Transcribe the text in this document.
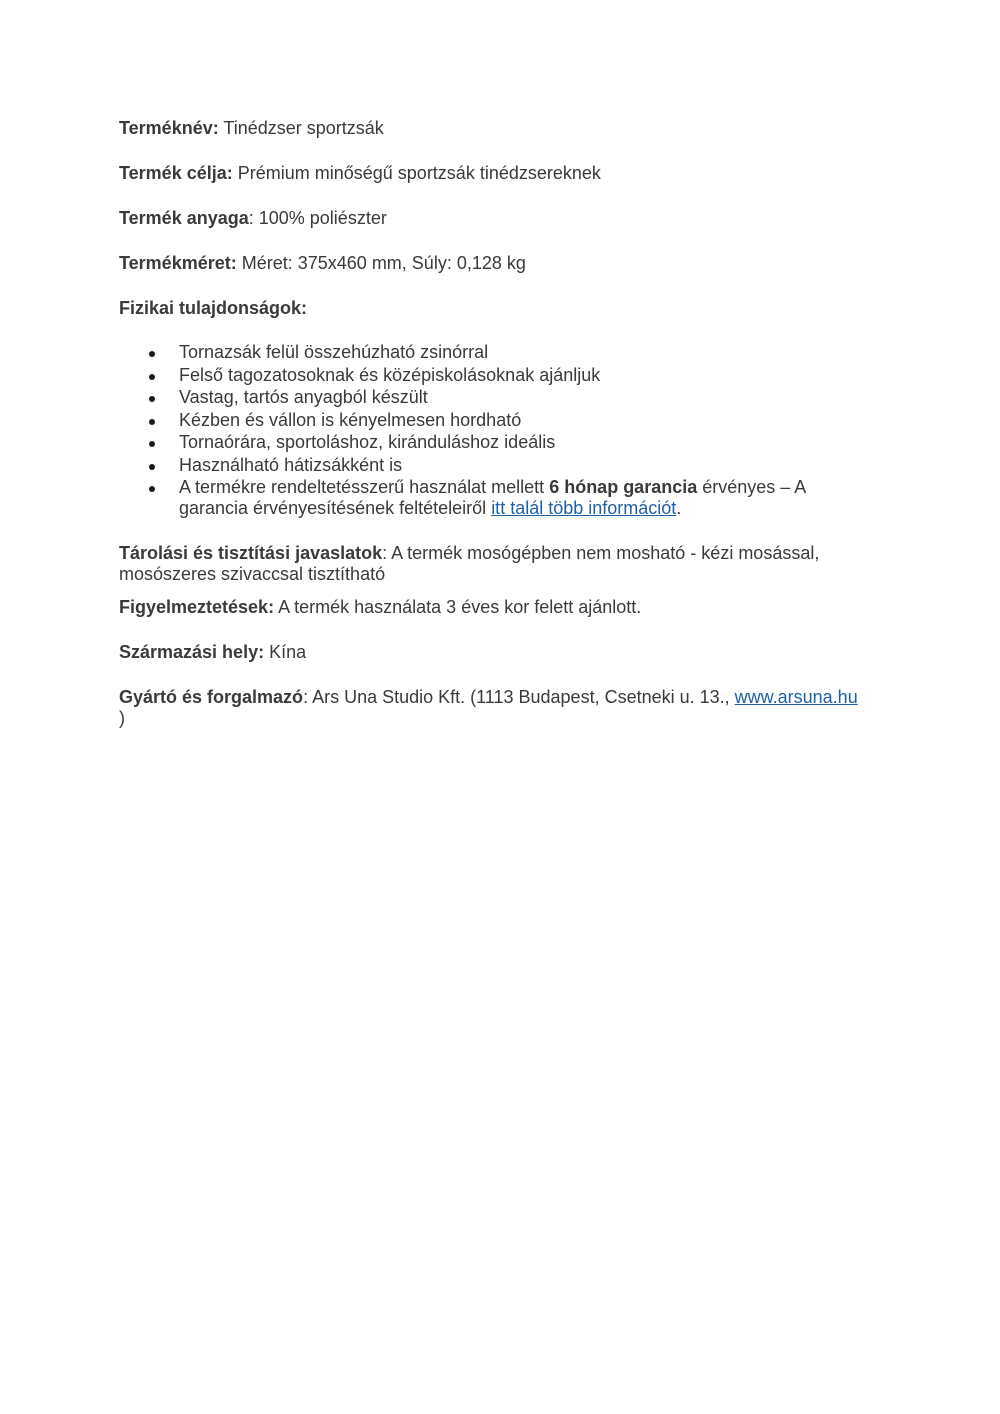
Terméknév: Tinédzser sportzsák

Termék célja: Prémium minőségű sportzsák tinédzsereknek

Termék anyaga: 100% poliészter

Termékméret: Méret: 375x460 mm, Súly: 0,128 kg

Fizikai tulajdonságok:

Tornazsák felül összehúzható zsinórral
Felső tagozatosoknak és középiskolásoknak ajánljuk
Vastag, tartós anyagból készült
Kézben és vállon is kényelmesen hordható
Tornaórára, sportoláshoz, kiránduláshoz ideális
Használható hátizsákként is
A termékre rendeltetésszerű használat mellett 6 hónap garancia érvényes – A garancia érvényesítésének feltételeiről itt talál több információt.

Tárolási és tisztítási javaslatok: A termék mosógépben nem mosható - kézi mosással, mosószeres szivaccsal tisztítható

Figyelmeztetések: A termék használata 3 éves kor felett ajánlott.

Származási hely: Kína

Gyártó és forgalmazó: Ars Una Studio Kft. (1113 Budapest, Csetneki u. 13., www.arsuna.hu )
